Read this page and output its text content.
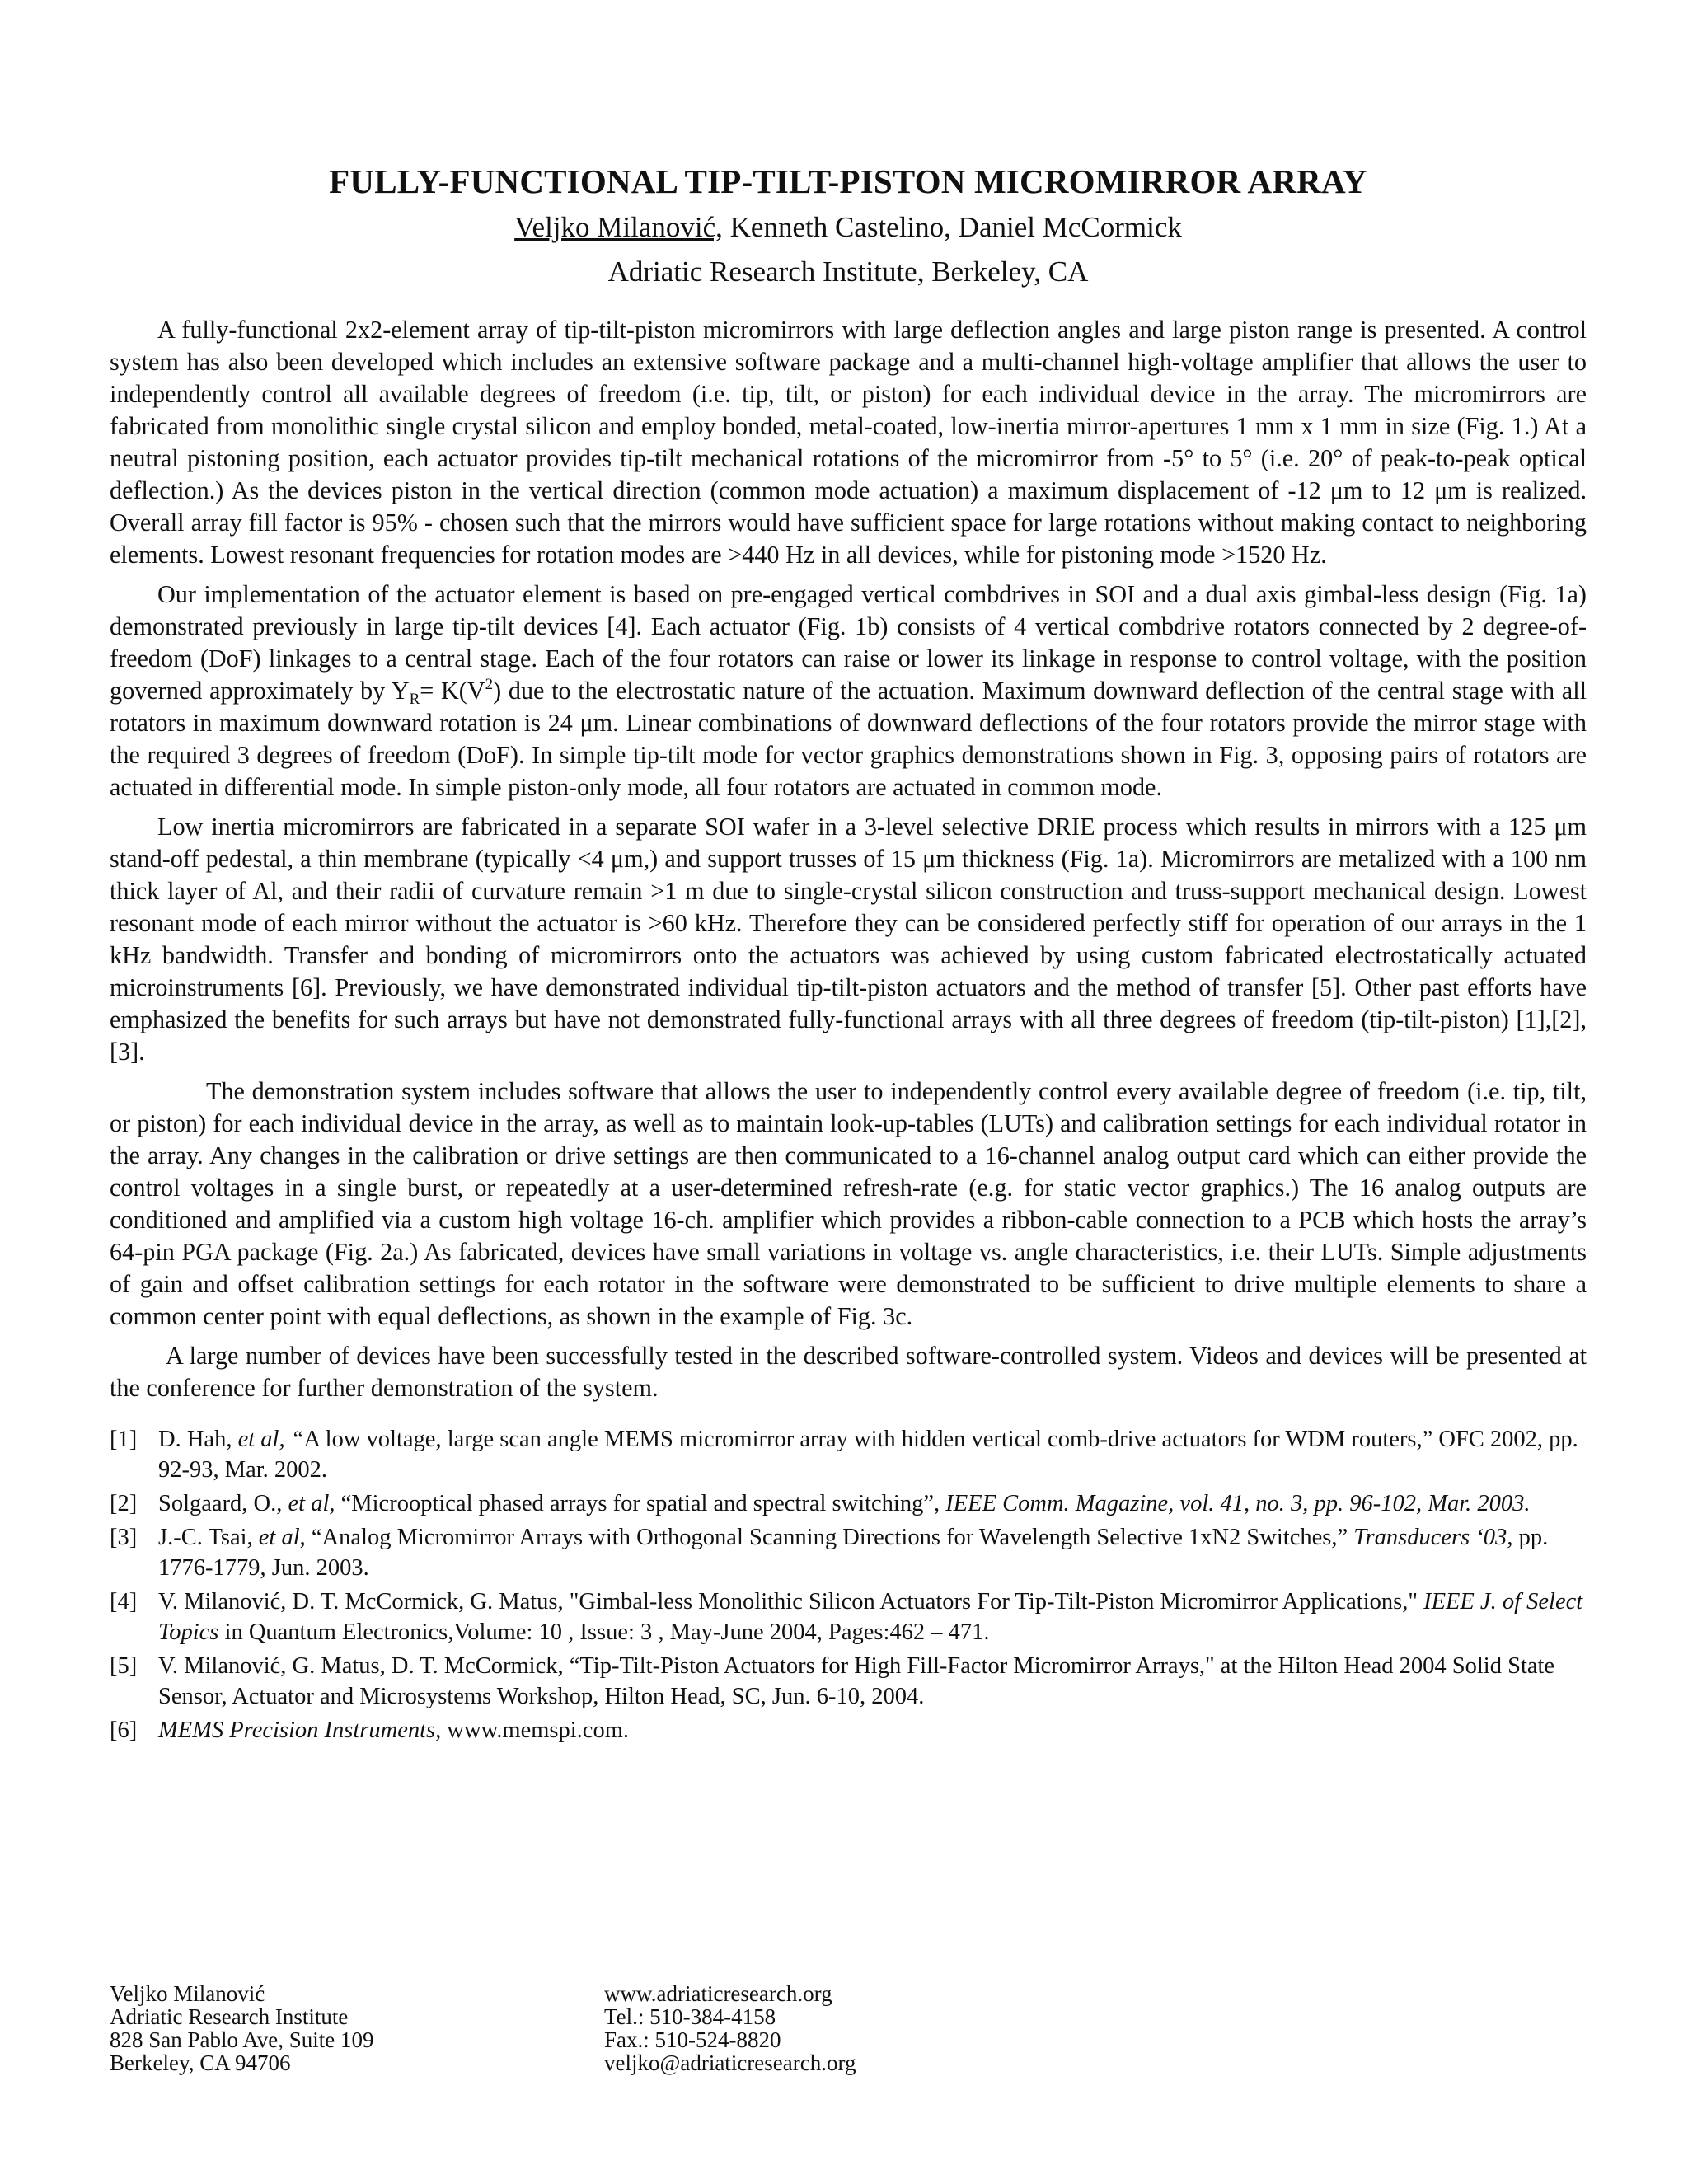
FULLY-FUNCTIONAL TIP-TILT-PISTON MICROMIRROR ARRAY
Veljko Milanović, Kenneth Castelino, Daniel McCormick
Adriatic Research Institute, Berkeley, CA

A fully-functional 2x2-element array of tip-tilt-piston micromirrors with large deflection angles and large piston range is presented. A control system has also been developed which includes an extensive software package and a multi-channel high-voltage amplifier that allows the user to independently control all available degrees of freedom (i.e. tip, tilt, or piston) for each individual device in the array. The micromirrors are fabricated from monolithic single crystal silicon and employ bonded, metal-coated, low-inertia mirror-apertures 1 mm x 1 mm in size (Fig. 1.) At a neutral pistoning position, each actuator provides tip-tilt mechanical rotations of the micromirror from -5° to 5° (i.e. 20° of peak-to-peak optical deflection.) As the devices piston in the vertical direction (common mode actuation) a maximum displacement of -12 μm to 12 μm is realized. Overall array fill factor is 95% - chosen such that the mirrors would have sufficient space for large rotations without making contact to neighboring elements. Lowest resonant frequencies for rotation modes are >440 Hz in all devices, while for pistoning mode >1520 Hz.

Our implementation of the actuator element is based on pre-engaged vertical combdrives in SOI and a dual axis gimbal-less design (Fig. 1a) demonstrated previously in large tip-tilt devices [4]. Each actuator (Fig. 1b) consists of 4 vertical combdrive rotators connected by 2 degree-of-freedom (DoF) linkages to a central stage. Each of the four rotators can raise or lower its linkage in response to control voltage, with the position governed approximately by $Y_R= K(V^2)$ due to the electrostatic nature of the actuation. Maximum downward deflection of the central stage with all rotators in maximum downward rotation is 24 μm. Linear combinations of downward deflections of the four rotators provide the mirror stage with the required 3 degrees of freedom (DoF). In simple tip-tilt mode for vector graphics demonstrations shown in Fig. 3, opposing pairs of rotators are actuated in differential mode. In simple piston-only mode, all four rotators are actuated in common mode.

Low inertia micromirrors are fabricated in a separate SOI wafer in a 3-level selective DRIE process which results in mirrors with a 125 μm stand-off pedestal, a thin membrane (typically <4 μm,) and support trusses of 15 μm thickness (Fig. 1a). Micromirrors are metalized with a 100 nm thick layer of Al, and their radii of curvature remain >1 m due to single-crystal silicon construction and truss-support mechanical design. Lowest resonant mode of each mirror without the actuator is >60 kHz. Therefore they can be considered perfectly stiff for operation of our arrays in the 1 kHz bandwidth. Transfer and bonding of micromirrors onto the actuators was achieved by using custom fabricated electrostatically actuated microinstruments [6]. Previously, we have demonstrated individual tip-tilt-piston actuators and the method of transfer [5]. Other past efforts have emphasized the benefits for such arrays but have not demonstrated fully-functional arrays with all three degrees of freedom (tip-tilt-piston) [1],[2],[3].

The demonstration system includes software that allows the user to independently control every available degree of freedom (i.e. tip, tilt, or piston) for each individual device in the array, as well as to maintain look-up-tables (LUTs) and calibration settings for each individual rotator in the array. Any changes in the calibration or drive settings are then communicated to a 16-channel analog output card which can either provide the control voltages in a single burst, or repeatedly at a user-determined refresh-rate (e.g. for static vector graphics.) The 16 analog outputs are conditioned and amplified via a custom high voltage 16-ch. amplifier which provides a ribbon-cable connection to a PCB which hosts the array’s 64-pin PGA package (Fig. 2a.) As fabricated, devices have small variations in voltage vs. angle characteristics, i.e. their LUTs. Simple adjustments of gain and offset calibration settings for each rotator in the software were demonstrated to be sufficient to drive multiple elements to share a common center point with equal deflections, as shown in the example of Fig. 3c.

A large number of devices have been successfully tested in the described software-controlled system. Videos and devices will be presented at the conference for further demonstration of the system.

[1] D. Hah, et al, “A low voltage, large scan angle MEMS micromirror array with hidden vertical comb-drive actuators for WDM routers,” OFC 2002, pp. 92-93, Mar. 2002.
[2] Solgaard, O., et al, “Microoptical phased arrays for spatial and spectral switching”, IEEE Comm. Magazine, vol. 41, no. 3, pp. 96-102, Mar. 2003.
[3] J.-C. Tsai, et al, “Analog Micromirror Arrays with Orthogonal Scanning Directions for Wavelength Selective 1xN2 Switches,” Transducers ‘03, pp. 1776-1779, Jun. 2003.
[4] V. Milanović, D. T. McCormick, G. Matus, "Gimbal-less Monolithic Silicon Actuators For Tip-Tilt-Piston Micromirror Applications," IEEE J. of Select Topics in Quantum Electronics,Volume: 10 , Issue: 3 , May-June 2004, Pages:462 – 471.
[5] V. Milanović, G. Matus, D. T. McCormick, “Tip-Tilt-Piston Actuators for High Fill-Factor Micromirror Arrays," at the Hilton Head 2004 Solid State Sensor, Actuator and Microsystems Workshop, Hilton Head, SC, Jun. 6-10, 2004.
[6] MEMS Precision Instruments, www.memspi.com.
Veljko Milanović
Adriatic Research Institute
828 San Pablo Ave, Suite 109
Berkeley, CA 94706
www.adriaticresearch.org
Tel.: 510-384-4158
Fax.: 510-524-8820
veljko@adriaticresearch.org
